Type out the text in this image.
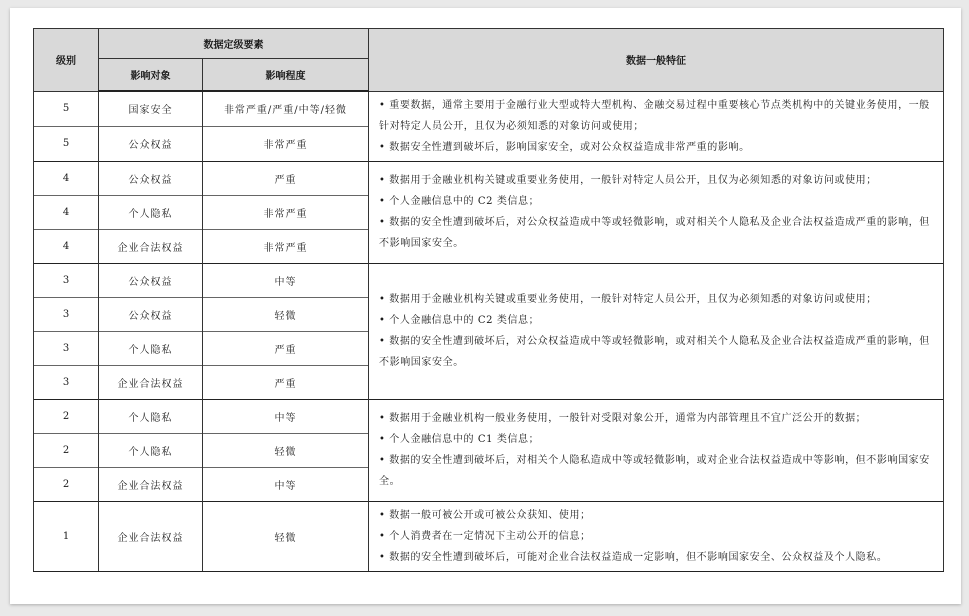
级别	数据定级要素		数据一般特征
	影响对象	影响程度	
5	国家安全	非常严重/严重/中等/轻微	• 重要数据，通常主要用于金融行业大型或特大型机构、金融交易过程中重要核心节点类机构中的关键业务使用，一般针对特定人员公开，且仅为必须知悉的对象访问或使用；
• 数据安全性遭到破坏后，影响国家安全，或对公众权益造成非常严重的影响。

5	公众权益	非常严重	
4	公众权益	严重	• 数据用于金融业机构关键或重要业务使用，一般针对特定人员公开，且仅为必须知悉的对象访问或使用；
• 个人金融信息中的 C2 类信息；
• 数据的安全性遭到破坏后，对公众权益造成中等或轻微影响，或对相关个人隐私及企业合法权益造成严重的影响，但不影响国家安全。

4	个人隐私	非常严重	
4	企业合法权益	非常严重	
3	公众权益	中等	• 数据用于金融业机构关键或重要业务使用，一般针对特定人员公开，且仅为必须知悉的对象访问或使用；
• 个人金融信息中的 C2 类信息；
• 数据的安全性遭到破坏后，对公众权益造成中等或轻微影响，或对相关个人隐私及企业合法权益造成严重的影响，但不影响国家安全。

3	公众权益	轻微	
3	个人隐私	严重	
3	企业合法权益	严重	
2	个人隐私	中等	• 数据用于金融业机构一般业务使用，一般针对受限对象公开，通常为内部管理且不宜广泛公开的数据；
• 个人金融信息中的 C1 类信息；
• 数据的安全性遭到破坏后，对相关个人隐私造成中等或轻微影响，或对企业合法权益造成中等影响，但不影响国家安全。

2	个人隐私	轻微	
2	企业合法权益	中等	
1	企业合法权益	轻微	• 数据一般可被公开或可被公众获知、使用；
• 个人消费者在一定情况下主动公开的信息；
• 数据的安全性遭到破坏后，可能对企业合法权益造成一定影响，但不影响国家安全、公众权益及个人隐私。
